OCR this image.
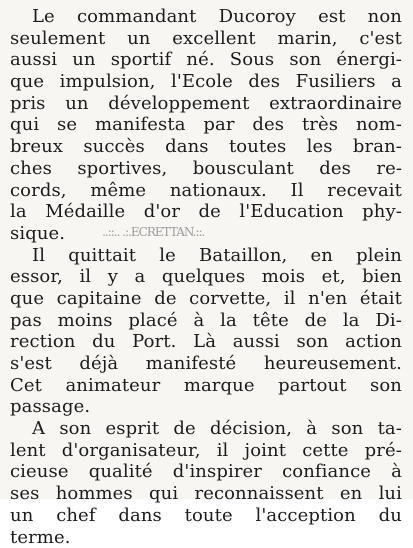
Le commandant Ducoroy est non
seulement un excellent marin, c'est
aussi un sportif né. Sous son énergi-
que impulsion, l'Ecole des Fusiliers a
pris un développement extraordinaire
qui se manifesta par des très nom-
breux succès dans toutes les bran-
ches sportives, bousculant des re-
cords, même nationaux. Il recevait
la Médaille d'or de l'Education phy-
sique.	..::.. .:.ECRETTAN.::.
Il quittait le Bataillon, en plein
essor, il y a quelques mois et, bien
que capitaine de corvette, il n'en était
pas moins placé à la tête de la Di-
rection du Port. Là aussi son action
s'est déjà manifesté heureusement.
Cet animateur marque partout son
passage.
A son esprit de décision, à son ta-
lent d'organisateur, il joint cette pré-
cieuse qualité d'inspirer confiance à
ses hommes qui reconnaissent en lui
un chef dans toute l'acception du
terme.
